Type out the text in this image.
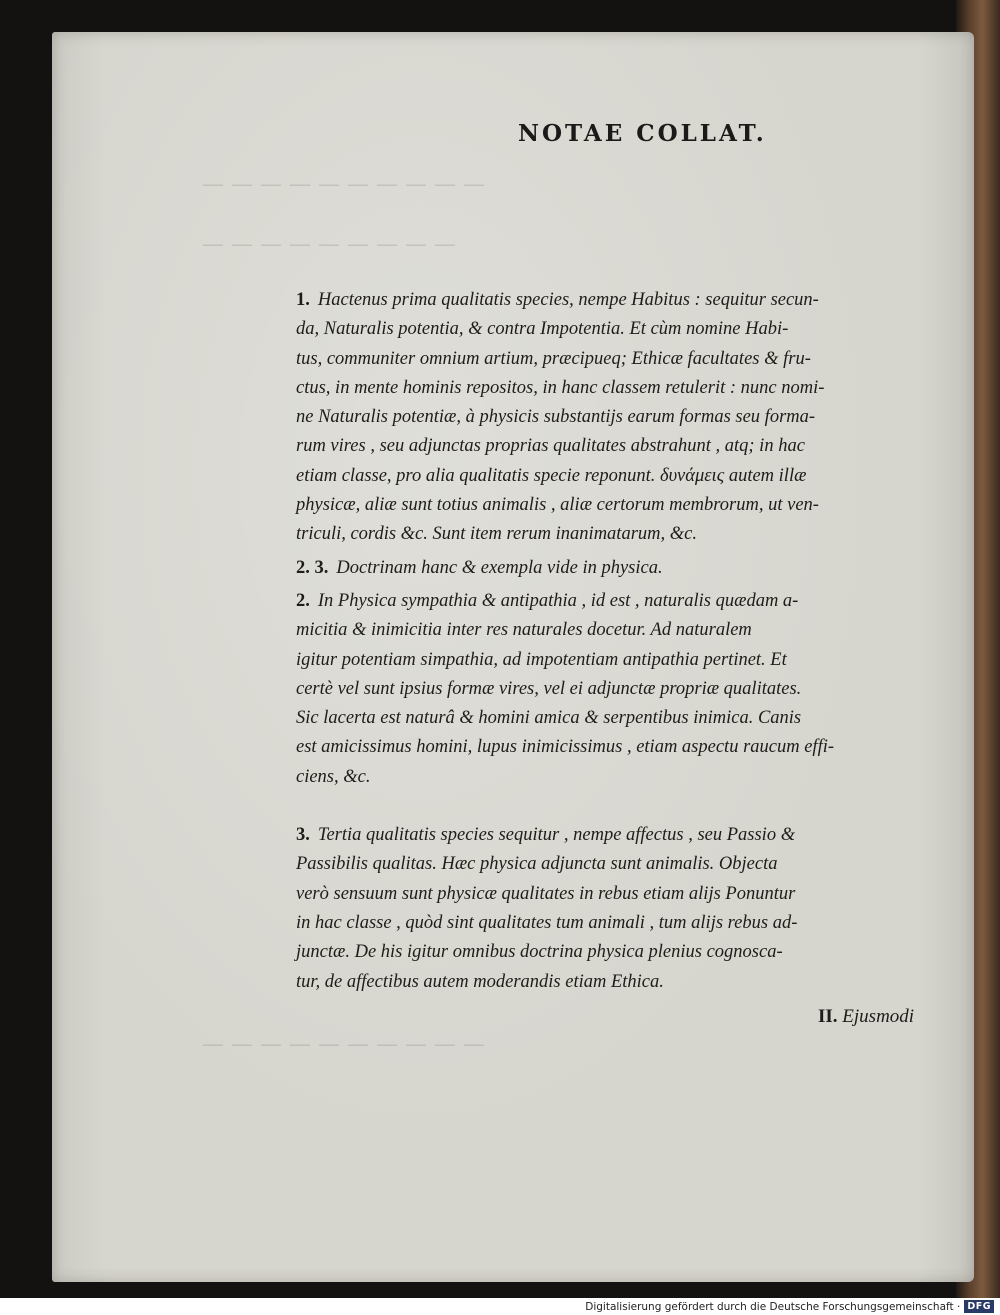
— — — — — — — — — —
— — — — — — — — —
— — — — — — — — — —
NOTAE COLLAT.

1. Hactenus prima qualitatis species, nempe Habitus : sequitur secun-
da, Naturalis potentia, & contra Impotentia. Et cùm nomine Habi-
tus, communiter omnium artium, præcipueq; Ethicæ facultates & fru-
ctus, in mente hominis repositos, in hanc classem retulerit : nunc nomi-
ne Naturalis potentiæ, à physicis substantijs earum formas seu forma-
rum vires , seu adjunctas proprias qualitates abstrahunt , atq; in hac
etiam classe, pro alia qualitatis specie reponunt. δυνάμεις autem illæ
physicæ, aliæ sunt totius animalis , aliæ certorum membrorum, ut ven-
triculi, cordis &c. Sunt item rerum inanimatarum, &c.

2. 3. Doctrinam hanc & exempla vide in physica.

2. In Physica sympathia & antipathia , id est , naturalis quædam a-
micitia & inimicitia inter res naturales docetur. Ad naturalem
igitur potentiam simpathia, ad impotentiam antipathia pertinet. Et
certè vel sunt ipsius formæ vires, vel ei adjunctæ propriæ qualitates.
Sic lacerta est naturâ & homini amica & serpentibus inimica. Canis
est amicissimus homini, lupus inimicissimus , etiam aspectu raucum effi-
ciens, &c.

3. Tertia qualitatis species sequitur , nempe affectus , seu Passio &
Passibilis qualitas. Hæc physica adjuncta sunt animalis. Objecta
verò sensuum sunt physicæ qualitates in rebus etiam alijs Ponuntur
in hac classe , quòd sint qualitates tum animali , tum alijs rebus ad-
junctæ. De his igitur omnibus doctrina physica plenius cognosca-
tur, de affectibus autem moderandis etiam Ethica.

II. Ejusmodi
Digitalisierung gefördert durch die Deutsche Forschungsgemeinschaft · DFG
